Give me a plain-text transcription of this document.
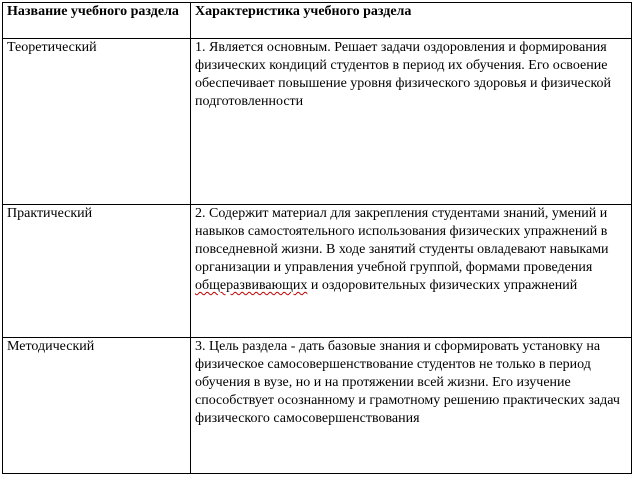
Название учебного раздела	Характеристика учебного раздела
Теоретический	1. Является основным. Решает задачи оздоровления и формирования физических кондиций студентов в период их обучения. Его освоение обеспечивает повышение уровня физического здоровья и физической подготовленности
Практический	2. Содержит материал для закрепления студентами знаний, умений и навыков самостоятельного использования физических упражнений в повседневной жизни. В ходе занятий студенты овладевают навыками организации и управления учебной группой, формами проведения общеразвивающих и оздоровительных физических упражнений
Методический	3. Цель раздела - дать базовые знания и сформировать установку на физическое самосовершенствование студентов не только в период обучения в вузе, но и на протяжении всей жизни. Его изучение способствует осознанному и грамотному решению практических задач физического самосовершенствования
